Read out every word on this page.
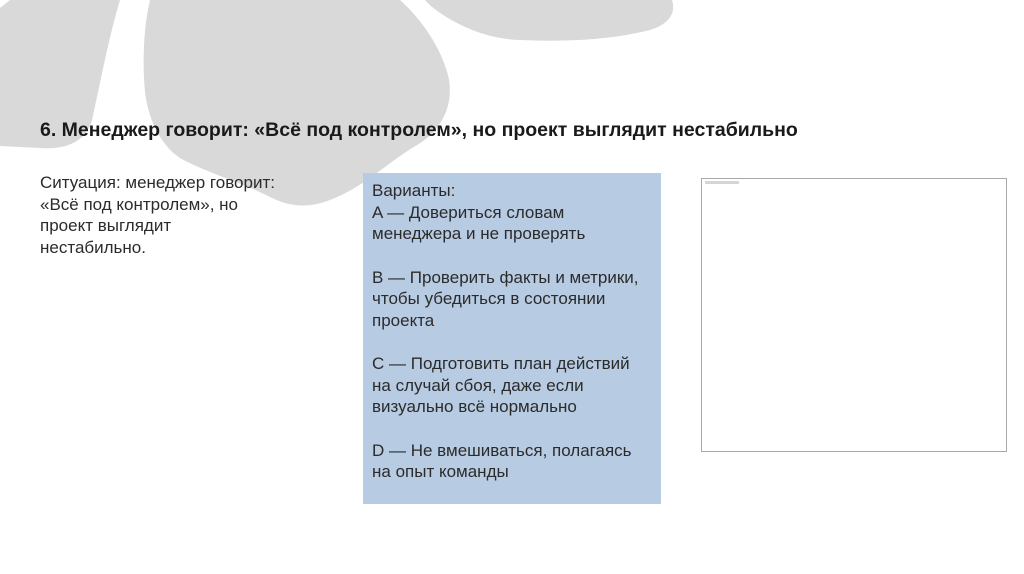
6. Менеджер говорит: «Всё под контролем», но проект выглядит нестабильно

Ситуация: менеджер говорит: «Всё под контролем», но проект выглядит нестабильно.

Варианты:

A — Довериться словам менеджера и не проверять

B — Проверить факты и метрики, чтобы убедиться в состоянии проекта

C — Подготовить план действий на случай сбоя, даже если визуально всё нормально

D — Не вмешиваться, полагаясь на опыт команды
